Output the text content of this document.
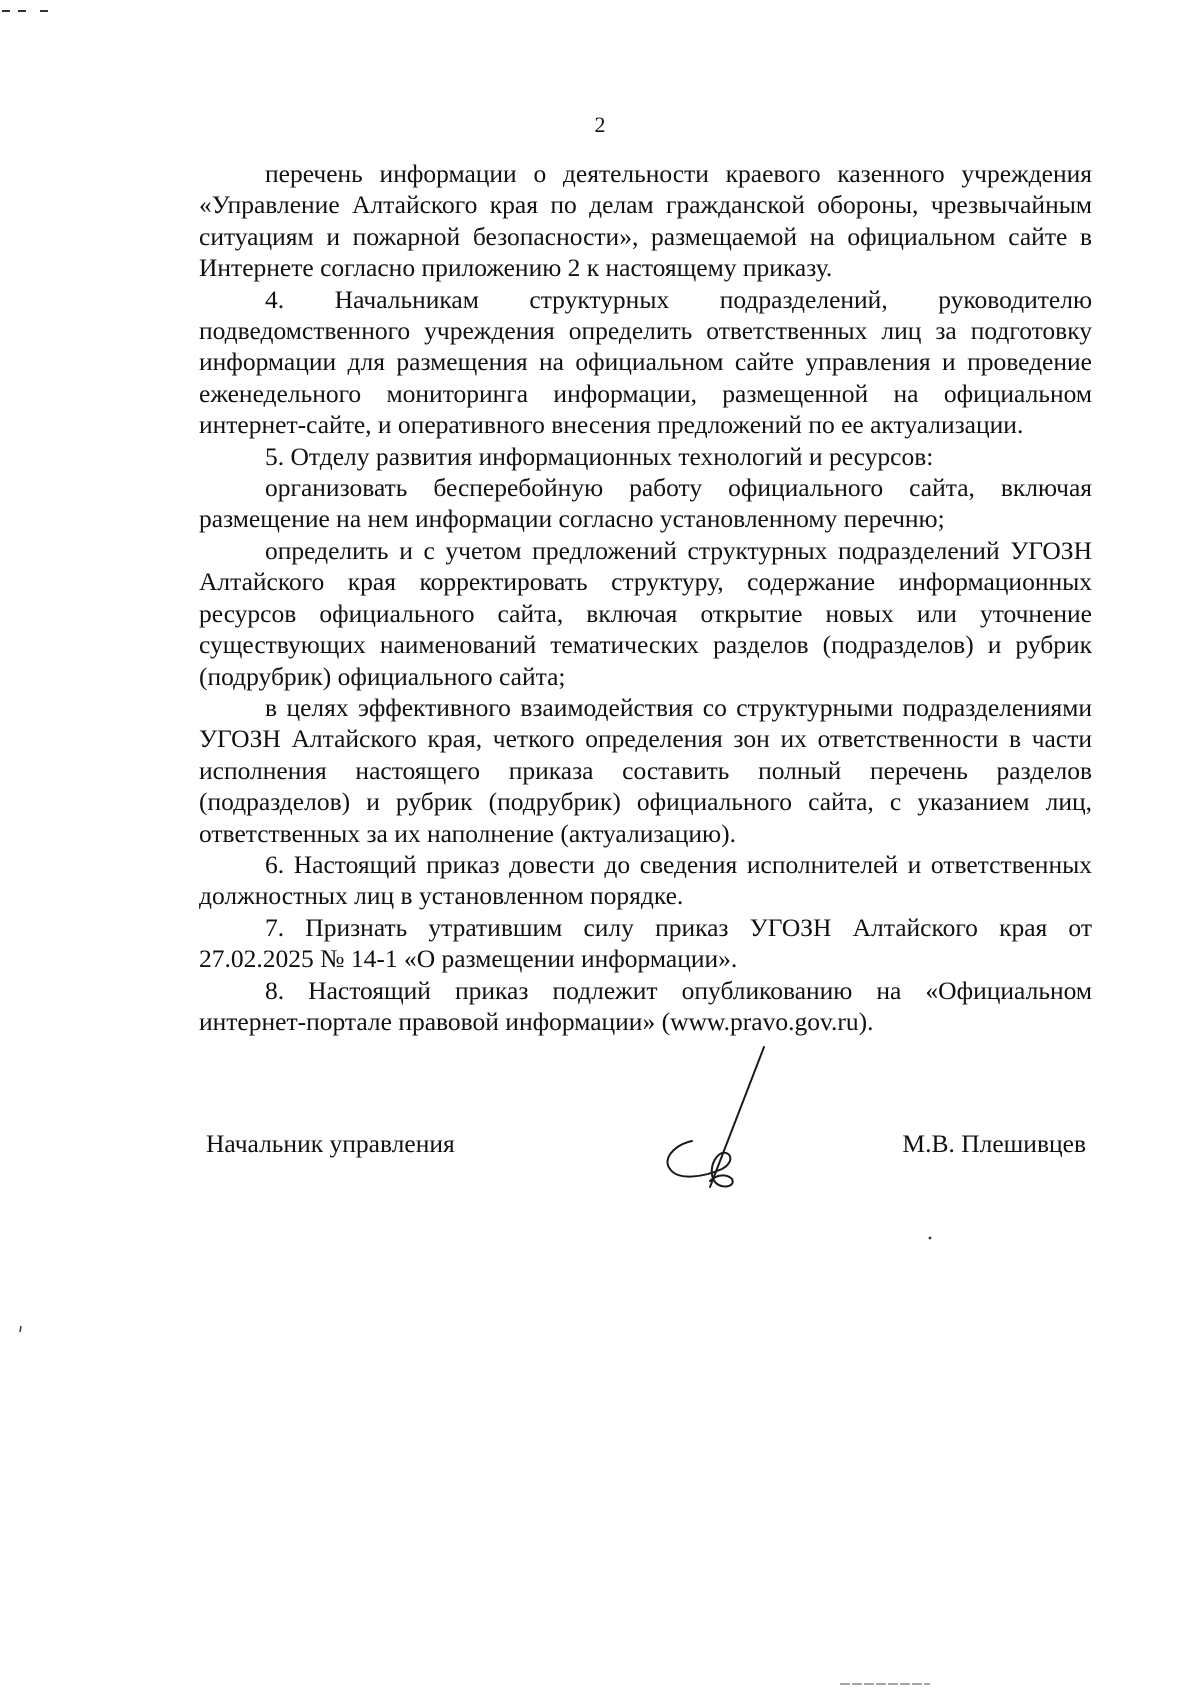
2

перечень информации о деятельности краевого казенного учреждения «Управление Алтайского края по делам гражданской обороны, чрезвычайным ситуациям и пожарной безопасности», размещаемой на официальном сайте в Интернете согласно приложению 2 к настоящему приказу.

4. Начальникам структурных подразделений, руководителю подведомственного учреждения определить ответственных лиц за подготовку информации для размещения на официальном сайте управления и проведение еженедельного мониторинга информации, размещенной на официальном интернет-сайте, и оперативного внесения предложений по ее актуализации.

5. Отделу развития информационных технологий и ресурсов:

организовать бесперебойную работу официального сайта, включая размещение на нем информации согласно установленному перечню;

определить и с учетом предложений структурных подразделений УГОЗН Алтайского края корректировать структуру, содержание информационных ресурсов официального сайта, включая открытие новых или уточнение существующих наименований тематических разделов (подразделов) и рубрик (подрубрик) официального сайта;

в целях эффективного взаимодействия со структурными подразделениями УГОЗН Алтайского края, четкого определения зон их ответственности в части исполнения настоящего приказа составить полный перечень разделов (подразделов) и рубрик (подрубрик) официального сайта, с указанием лиц, ответственных за их наполнение (актуализацию).

6. Настоящий приказ довести до сведения исполнителей и ответственных должностных лиц в установленном порядке.

7. Признать утратившим силу приказ УГОЗН Алтайского края от 27.02.2025 № 14-1 «О размещении информации».

8. Настоящий приказ подлежит опубликованию на «Официальном интернет-портале правовой информации» (www.pravo.gov.ru).

Начальник управления	М.В. Плешивцев
